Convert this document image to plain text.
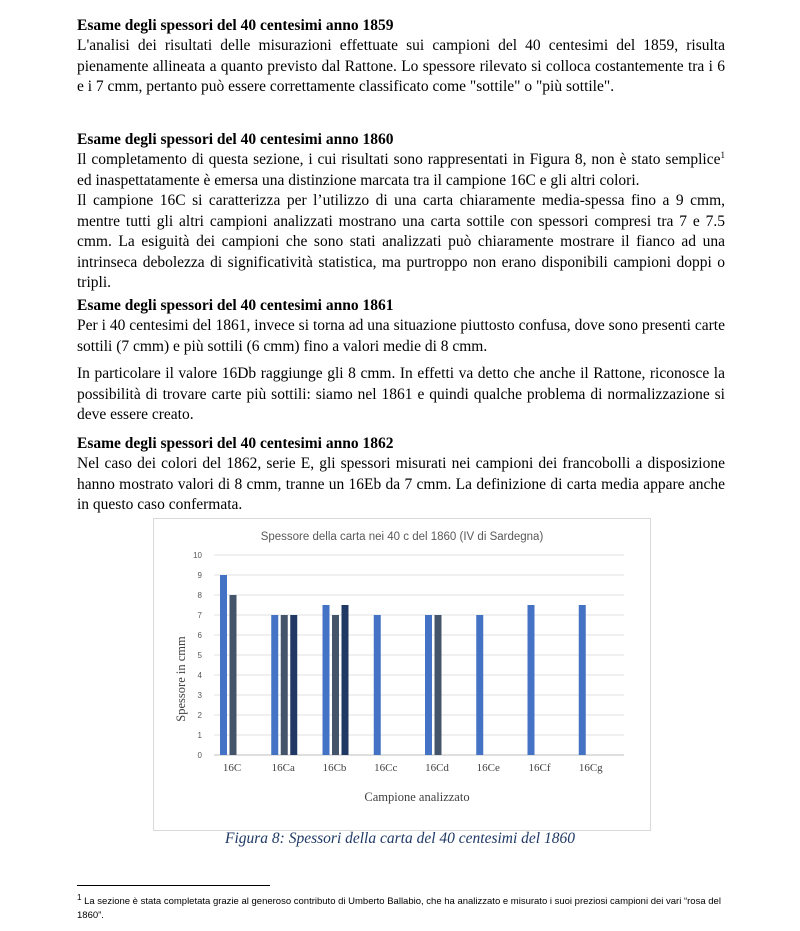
Esame degli spessori del 40 centesimi anno 1859

L'analisi dei risultati delle misurazioni effettuate sui campioni del 40 centesimi del 1859, risulta pienamente allineata a quanto previsto dal Rattone. Lo spessore rilevato si colloca costantemente tra i 6 e i 7 cmm, pertanto può essere correttamente classificato come "sottile" o "più sottile".

Esame degli spessori del 40 centesimi anno 1860

Il completamento di questa sezione, i cui risultati sono rappresentati in Figura 8, non è stato semplice$^1$ ed inaspettatamente è emersa una distinzione marcata tra il campione 16C e gli altri colori.

Il campione 16C si caratterizza per l’utilizzo di una carta chiaramente media-spessa fino a 9 cmm, mentre tutti gli altri campioni analizzati mostrano una carta sottile con spessori compresi tra 7 e 7.5 cmm. La esiguità dei campioni che sono stati analizzati può chiaramente mostrare il fianco ad una intrinseca debolezza di significatività statistica, ma purtroppo non erano disponibili campioni doppi o tripli.

Esame degli spessori del 40 centesimi anno 1861

Per i 40 centesimi del 1861, invece si torna ad una situazione piuttosto confusa, dove sono presenti carte sottili (7 cmm) e più sottili (6 cmm) fino a valori medie di 8 cmm.

In particolare il valore 16Db raggiunge gli 8 cmm. In effetti va detto che anche il Rattone, riconosce la possibilità di trovare carte più sottili: siamo nel 1861 e quindi qualche problema di normalizzazione si deve essere creato.

Esame degli spessori del 40 centesimi anno 1862

Nel caso dei colori del 1862, serie E, gli spessori misurati nei campioni dei francobolli a disposizione hanno mostrato valori di 8 cmm, tranne un 16Eb da 7 cmm. La definizione di carta media appare anche in questo caso confermata.

Spessore della carta nei 40 c del 1860 (IV di Sardegna)
0
1
2
3
4
5
6
7
8
9
10
16C	16Ca	16Cb	16Cc	16Cd	16Ce	16Cf	16Cg
Spessore in cmm
Campione analizzato
Figura 8: Spessori della carta del 40 centesimi del 1860
$^1$ La sezione è stata completata grazie al generoso contributo di Umberto Ballabio, che ha analizzato e misurato i suoi preziosi campioni dei vari “rosa del 1860”.
